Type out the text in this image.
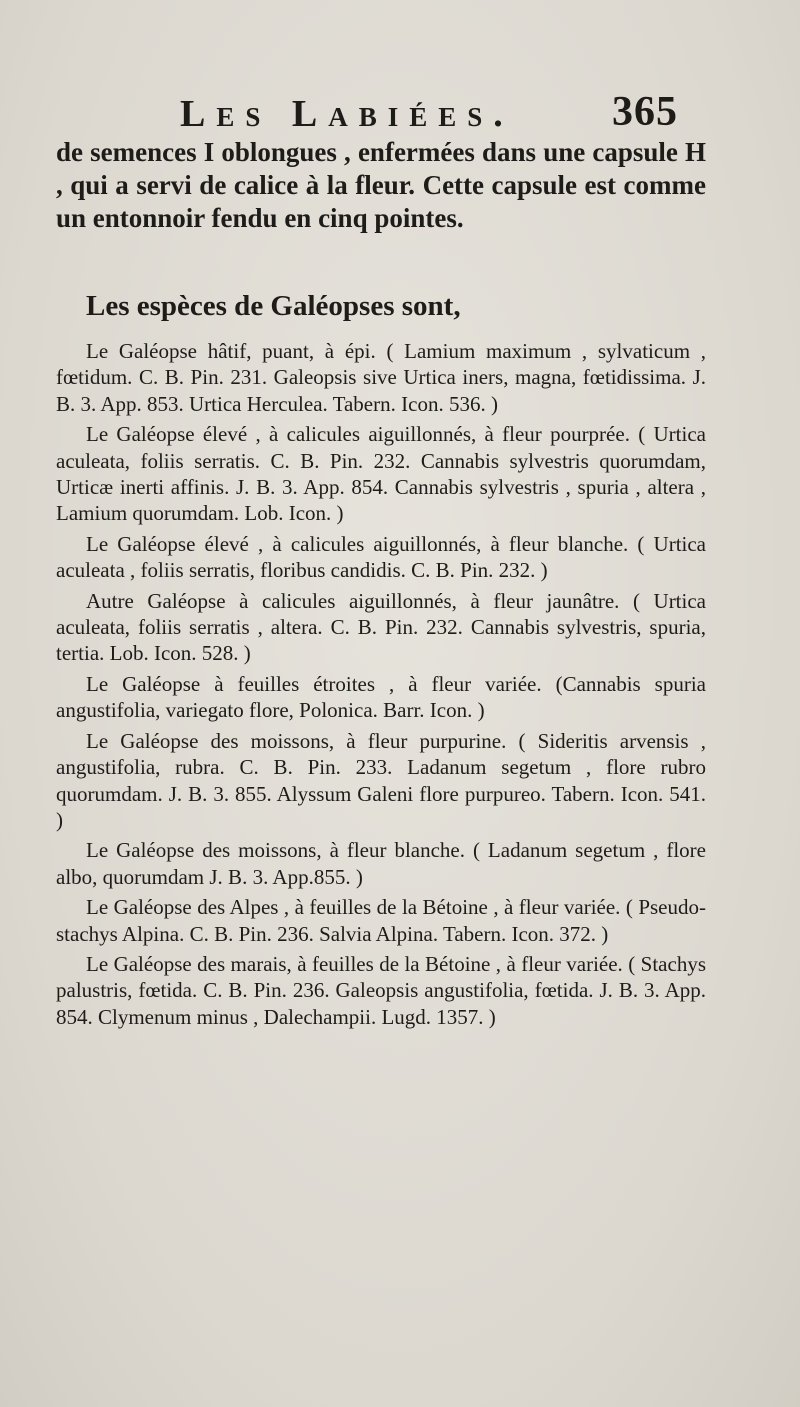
Les Labiées. 365

de semences I oblongues , enfermées dans une capsule H , qui a servi de calice à la fleur. Cette capsule est comme un entonnoir fendu en cinq pointes.

Les espèces de Galéopses sont,

Le Galéopse hâtif, puant, à épi. ( Lamium maximum , sylvaticum , fœtidum. C. B. Pin. 231. Galeopsis sive Urtica iners, magna, fœtidissima. J. B. 3. App. 853. Urtica Herculea. Tabern. Icon. 536. )

Le Galéopse élevé , à calicules aiguillonnés, à fleur pourprée. ( Urtica aculeata, foliis serratis. C. B. Pin. 232. Cannabis sylvestris quorumdam, Urticæ inerti affinis. J. B. 3. App. 854. Cannabis sylvestris , spuria , altera , Lamium quorumdam. Lob. Icon. )

Le Galéopse élevé , à calicules aiguillonnés, à fleur blanche. ( Urtica aculeata , foliis serratis, floribus candidis. C. B. Pin. 232. )

Autre Galéopse à calicules aiguillonnés, à fleur jaunâtre. ( Urtica aculeata, foliis serratis , altera. C. B. Pin. 232. Cannabis sylvestris, spuria, tertia. Lob. Icon. 528. )

Le Galéopse à feuilles étroites , à fleur variée. (Cannabis spuria angustifolia, variegato flore, Polonica. Barr. Icon. )

Le Galéopse des moissons, à fleur purpurine. ( Sideritis arvensis , angustifolia, rubra. C. B. Pin. 233. Ladanum segetum , flore rubro quorumdam. J. B. 3. 855. Alyssum Galeni flore purpureo. Tabern. Icon. 541. )

Le Galéopse des moissons, à fleur blanche. ( Ladanum segetum , flore albo, quorumdam J. B. 3. App.855. )

Le Galéopse des Alpes , à feuilles de la Bétoine , à fleur variée. ( Pseudo-stachys Alpina. C. B. Pin. 236. Salvia Alpina. Tabern. Icon. 372. )

Le Galéopse des marais, à feuilles de la Bétoine , à fleur variée. ( Stachys palustris, fœtida. C. B. Pin. 236. Galeopsis angustifolia, fœtida. J. B. 3. App. 854. Clymenum minus , Dalechampii. Lugd. 1357. )
